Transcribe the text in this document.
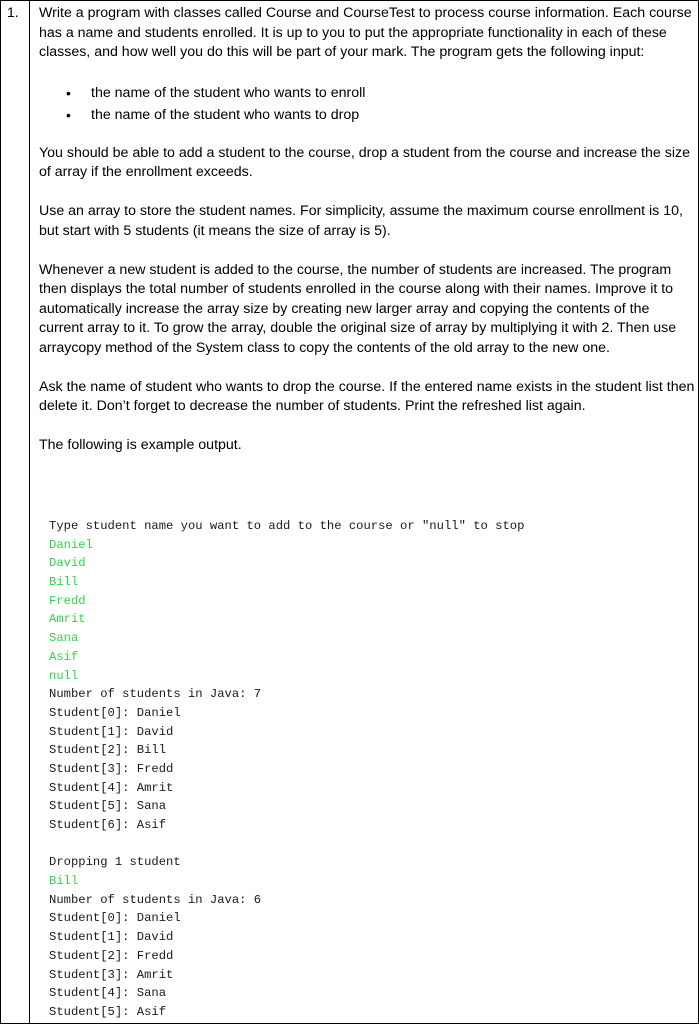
1. Write a program with classes called Course and CourseTest to process course information. Each course has a name and students enrolled. It is up to you to put the appropriate functionality in each of these classes, and how well you do this will be part of your mark. The program gets the following input:

• the name of the student who wants to enroll
• the name of the student who wants to drop

You should be able to add a student to the course, drop a student from the course and increase the size of array if the enrollment exceeds.

Use an array to store the student names. For simplicity, assume the maximum course enrollment is 10, but start with 5 students (it means the size of array is 5).

Whenever a new student is added to the course, the number of students are increased. The program then displays the total number of students enrolled in the course along with their names. Improve it to automatically increase the array size by creating new larger array and copying the contents of the current array to it. To grow the array, double the original size of array by multiplying it with 2. Then use arraycopy method of the System class to copy the contents of the old array to the new one.

Ask the name of student who wants to drop the course. If the entered name exists in the student list then delete it. Don’t forget to decrease the number of students. Print the refreshed list again.

The following is example output.

Type student name you want to add to the course or "null" to stop
Daniel
David
Bill
Fredd
Amrit
Sana
Asif
null
Number of students in Java: 7
Student[0]: Daniel
Student[1]: David
Student[2]: Bill
Student[3]: Fredd
Student[4]: Amrit
Student[5]: Sana
Student[6]: Asif
Dropping 1 student
Bill
Number of students in Java: 6
Student[0]: Daniel
Student[1]: David
Student[2]: Fredd
Student[3]: Amrit
Student[4]: Sana
Student[5]: Asif
